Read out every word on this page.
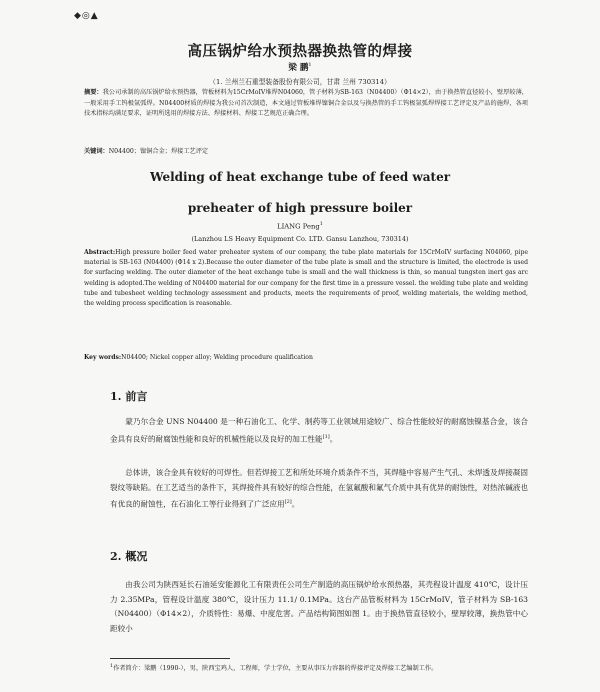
◆◎▲
高压锅炉给水预热器换热管的焊接
梁 鹏$^1$
（1. 兰州兰石重型装备股份有限公司，甘肃 兰州 730314）
摘要：我公司承制的高压锅炉给水预热器，管板材料为15CrMoIV堆焊N04060，管子材料为SB-163（N04400）（Φ14×2），由于换热管直径较小，壁厚较薄，一般采用手工钨极氩弧焊。N04400材质的焊接为我公司首次制造，本文通过管板堆焊镍铜合金以及与换热管的手工钨极氩弧焊焊接工艺评定及产品的施焊，各项技术指标均满足要求，证明所选用的焊接方法、焊接材料、焊接工艺规范正确合理。
关键词：N04400；镍铜合金；焊接工艺评定
Welding of heat exchange tube of feed water preheater of high pressure boiler
LIANG Peng$^1$
(Lanzhou LS Heavy Equipment Co. LTD. Gansu Lanzhou, 730314)
Abstract:High pressure boiler feed water preheater system of our company, the tube plate materials for 15CrMoIV surfacing N04060, pipe material is SB-163 (N04400) (Φ14 x 2).Because the outer diameter of the tube plate is small and the structure is limited, the electrode is used for surfacing welding. The outer diameter of the heat exchange tube is small and the wall thickness is thin, so manual tungsten inert gas arc welding is adopted.The welding of N04400 material for our company for the first time in a pressure vessel. the welding tube plate and welding tube and tubesheet welding technology assessment and products, meets the requirements of proof, welding materials, the welding method, the welding process specification is reasonable.
Key words:N04400; Nickel copper alloy; Welding procedure qualification
1. 前言
蒙乃尔合金 UNS N04400 是一种石油化工、化学、制药等工业领域用途较广、综合性能较好的耐腐蚀镍基合金，该合金具有良好的耐腐蚀性能和良好的机械性能以及良好的加工性能[1]。
总体讲，该合金具有较好的可焊性。但若焊接工艺和所处环境介质条件不当，其焊缝中容易产生气孔、未焊透及焊接凝固裂纹等缺陷。在工艺适当的条件下，其焊接件具有较好的综合性能，在氢氟酸和氟气介质中具有优异的耐蚀性，对热浓碱液也有优良的耐蚀性，在石油化工等行业得到了广泛应用[2]。
2. 概况
由我公司为陕西延长石油延安能源化工有限责任公司生产制造的高压锅炉给水预热器，其壳程设计温度 410℃，设计压力 2.35MPa，管程设计温度 380℃，设计压力 11.1/ 0.1MPa。这台产品管板材料为 15CrMoIV，管子材料为 SB-163（N04400）（Φ14×2），介质特性：易爆、中度危害。产品结构简图如图 1。由于换热管直径较小，壁厚较薄，换热管中心距较小
$^1$作者简介：梁鹏（1990-），男，陕西宝鸡人，工程师，学士学位，主要从事压力容器的焊接评定及焊接工艺编制工作。
